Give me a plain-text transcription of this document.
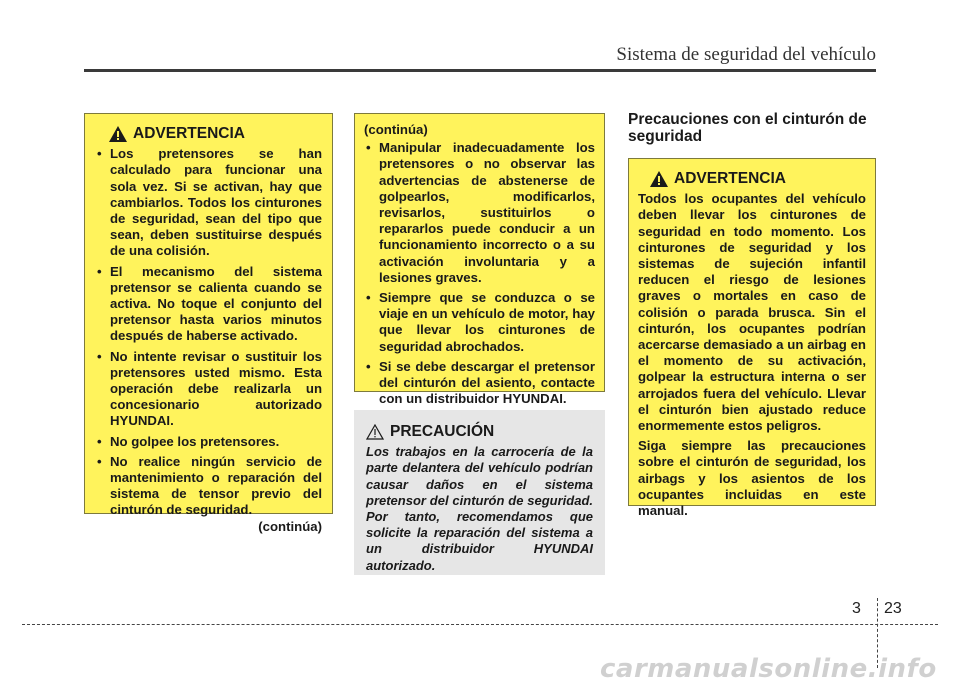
Sistema de seguridad del vehículo
ADVERTENCIA
• Los pretensores se han calculado para funcionar una sola vez. Si se activan, hay que cambiarlos. Todos los cinturones de seguridad, sean del tipo que sean, deben sustituirse después de una colisión.
• El mecanismo del sistema pretensor se calienta cuando se activa. No toque el conjunto del pretensor hasta varios minutos después de haberse activado.
• No intente revisar o sustituir los pretensores usted mismo. Esta operación debe realizarla un concesionario autorizado HYUNDAI.
• No golpee los pretensores.
• No realice ningún servicio de mantenimiento o reparación del sistema de tensor previo del cinturón de seguridad.
(continúa)
(continúa)
• Manipular inadecuadamente los pretensores o no observar las advertencias de abstenerse de golpearlos, modificarlos, revisarlos, sustituirlos o repararlos puede conducir a un funcionamiento incorrecto o a su activación involuntaria y a lesiones graves.
• Siempre que se conduzca o se viaje en un vehículo de motor, hay que llevar los cinturones de seguridad abrochados.
• Si se debe descargar el pretensor del cinturón del asiento, contacte con un distribuidor HYUNDAI.
PRECAUCIÓN
Los trabajos en la carrocería de la parte delantera del vehículo podrían causar daños en el sistema pretensor del cinturón de seguridad. Por tanto, recomendamos que solicite la reparación del sistema a un distribuidor HYUNDAI autorizado.
Precauciones con el cinturón de seguridad
ADVERTENCIA

Todos los ocupantes del vehículo deben llevar los cinturones de seguridad en todo momento. Los cinturones de seguridad y los sistemas de sujeción infantil reducen el riesgo de lesiones graves o mortales en caso de colisión o parada brusca. Sin el cinturón, los ocupantes podrían acercarse demasiado a un airbag en el momento de su activación, golpear la estructura interna o ser arrojados fuera del vehículo. Llevar el cinturón bien ajustado reduce enormemente estos peligros.

Siga siempre las precauciones sobre el cinturón de seguridad, los airbags y los asientos de los ocupantes incluidas en este manual.

3 23
carmanualsonline.info
